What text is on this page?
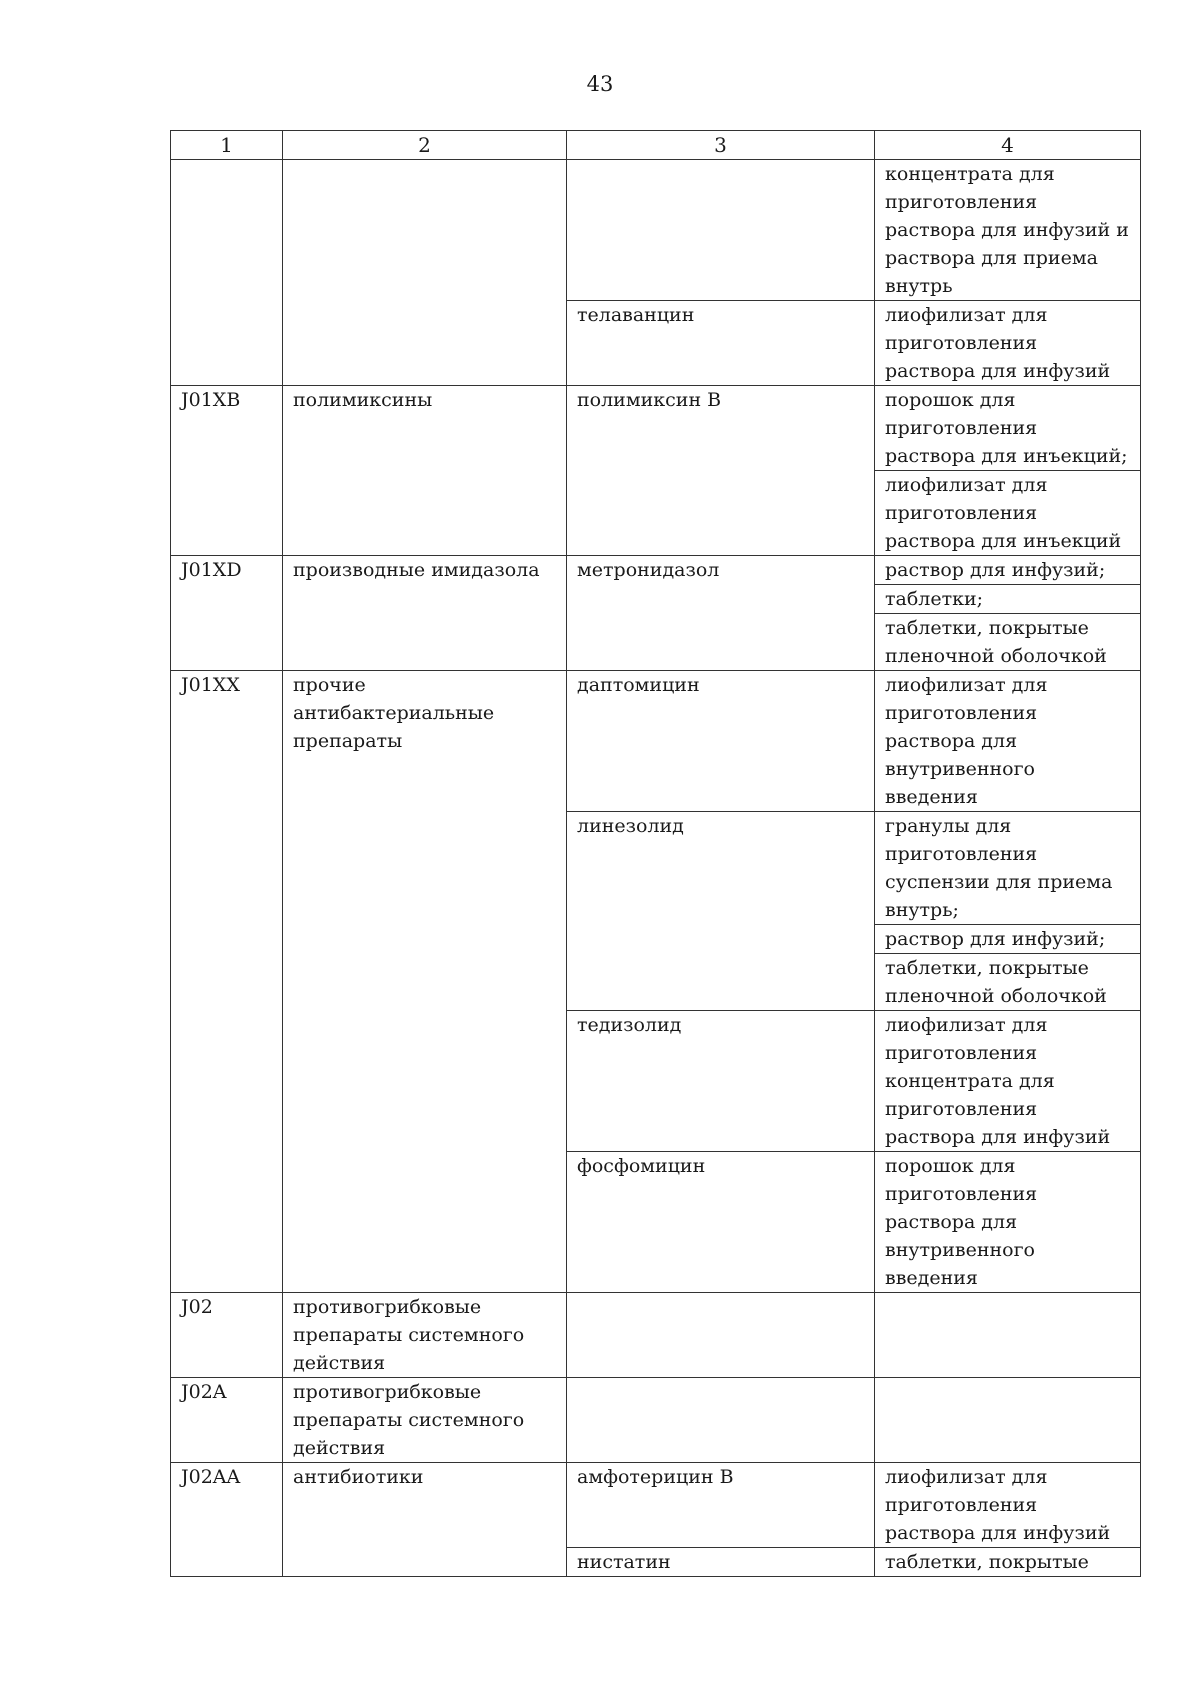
43
1	2	3	4

			концентрата для приготовления раствора для инфузий и раствора для приема внутрь

		телаванцин	лиофилизат для приготовления раствора для инфузий

J01XB	полимиксины	полимиксин В	порошок для приготовления раствора для инъекций;
лиофилизат для приготовления раствора для инъекций

J01XD	производные имидазола	метронидазол	раствор для инфузий;
таблетки;
таблетки, покрытые пленочной оболочкой

J01XX	прочие антибактериальные препараты	даптомицин	лиофилизат для приготовления раствора для внутривенного введения

		линезолид	гранулы для приготовления суспензии для приема внутрь;
раствор для инфузий;
таблетки, покрытые пленочной оболочкой

		тедизолид	лиофилизат для приготовления концентрата для приготовления раствора для инфузий

		фосфомицин	порошок для приготовления раствора для внутривенного введения

J02	противогрибковые препараты системного действия		

J02A	противогрибковые препараты системного действия		

J02AA	антибиотики	амфотерицин В	лиофилизат для приготовления раствора для инфузий

		нистатин	таблетки, покрытые
